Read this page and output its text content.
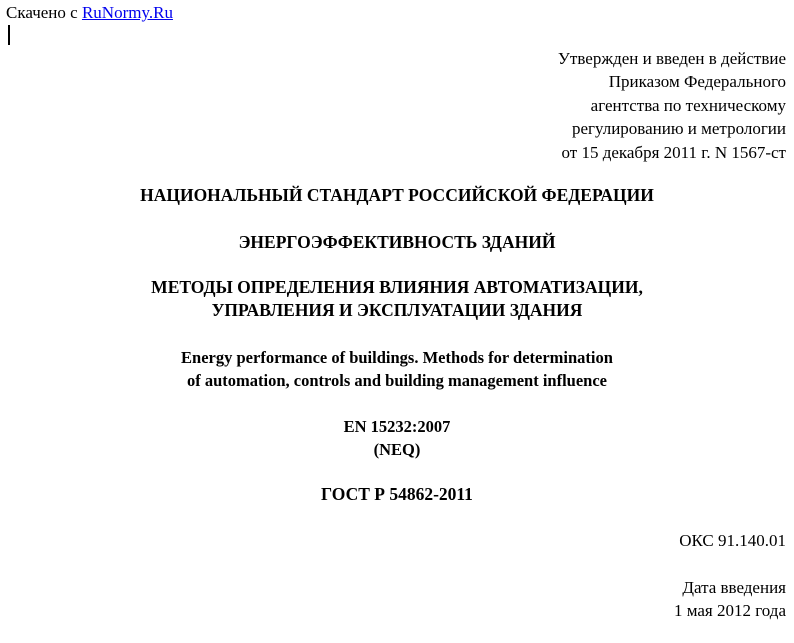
Скачено с RuNormy.Ru
Утвержден и введен в действие
Приказом Федерального
агентства по техническому
регулированию и метрологии
от 15 декабря 2011 г. N 1567-ст
НАЦИОНАЛЬНЫЙ СТАНДАРТ РОССИЙСКОЙ ФЕДЕРАЦИИ
ЭНЕРГОЭФФЕКТИВНОСТЬ ЗДАНИЙ
МЕТОДЫ ОПРЕДЕЛЕНИЯ ВЛИЯНИЯ АВТОМАТИЗАЦИИ,
УПРАВЛЕНИЯ И ЭКСПЛУАТАЦИИ ЗДАНИЯ
Energy performance of buildings. Methods for determination
of automation, controls and building management influence
EN 15232:2007
(NEQ)
ГОСТ Р 54862-2011
ОКС 91.140.01
Дата введения
1 мая 2012 года
